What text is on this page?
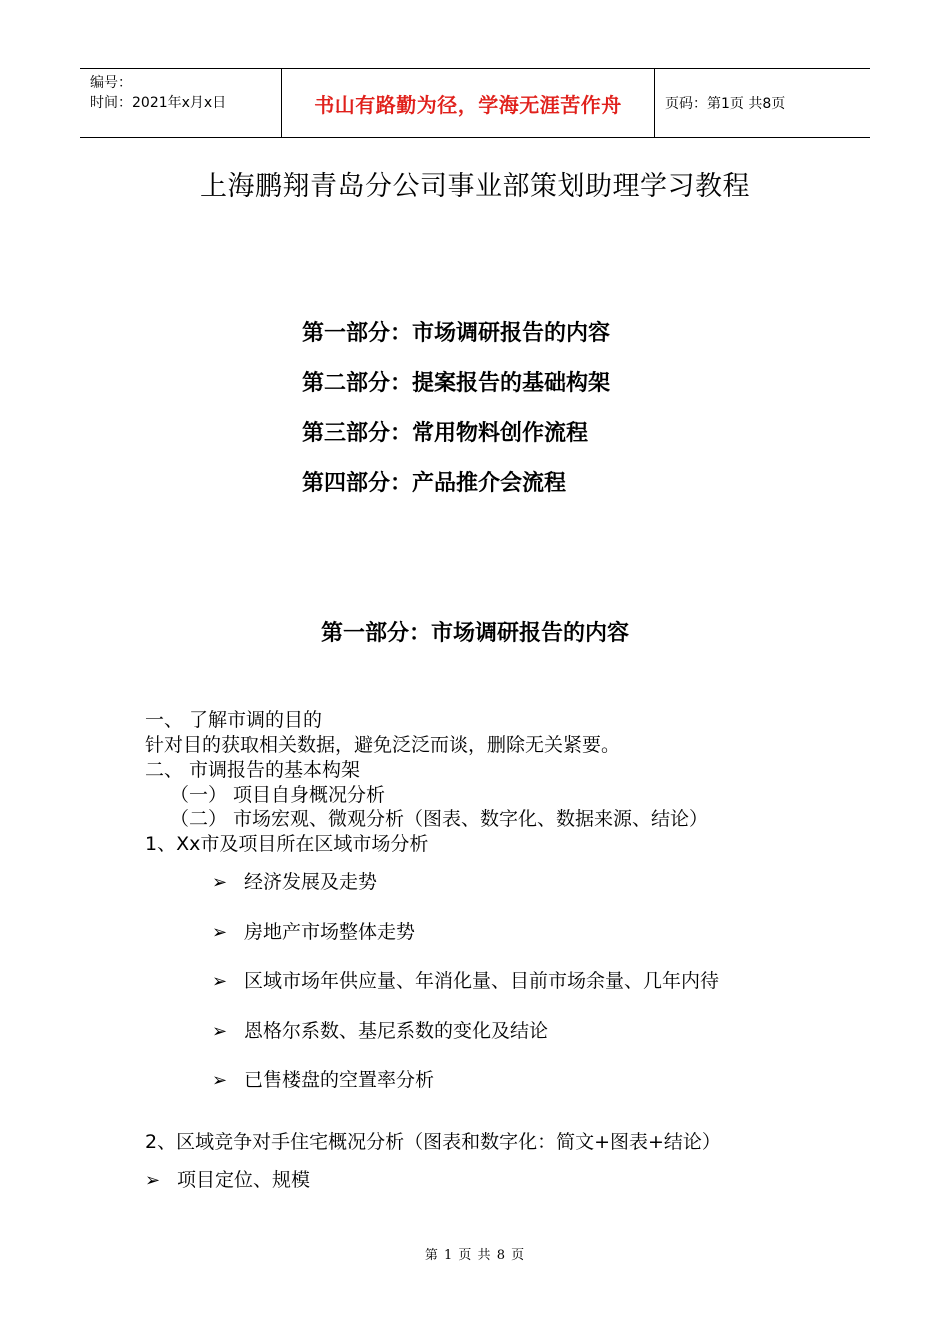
编号：
时间：2021年x月x日	书山有路勤为径，学海无涯苦作舟	页码：第1页 共8页
上海鹏翔青岛分公司事业部策划助理学习教程
第一部分：市场调研报告的内容
第二部分：提案报告的基础构架
第三部分：常用物料创作流程
第四部分：产品推介会流程
第一部分：市场调研报告的内容
一、 了解市调的目的
针对目的获取相关数据，避免泛泛而谈，删除无关紧要。
二、 市调报告的基本构架
（一） 项目自身概况分析
（二） 市场宏观、微观分析（图表、数字化、数据来源、结论）
1、Xx市及项目所在区域市场分析
➢ 经济发展及走势
➢ 房地产市场整体走势
➢ 区域市场年供应量、年消化量、目前市场余量、几年内待
➢ 恩格尔系数、基尼系数的变化及结论
➢ 已售楼盘的空置率分析
2、区域竞争对手住宅概况分析（图表和数字化：简文+图表+结论）
➢ 项目定位、规模
第 1 页 共 8 页
